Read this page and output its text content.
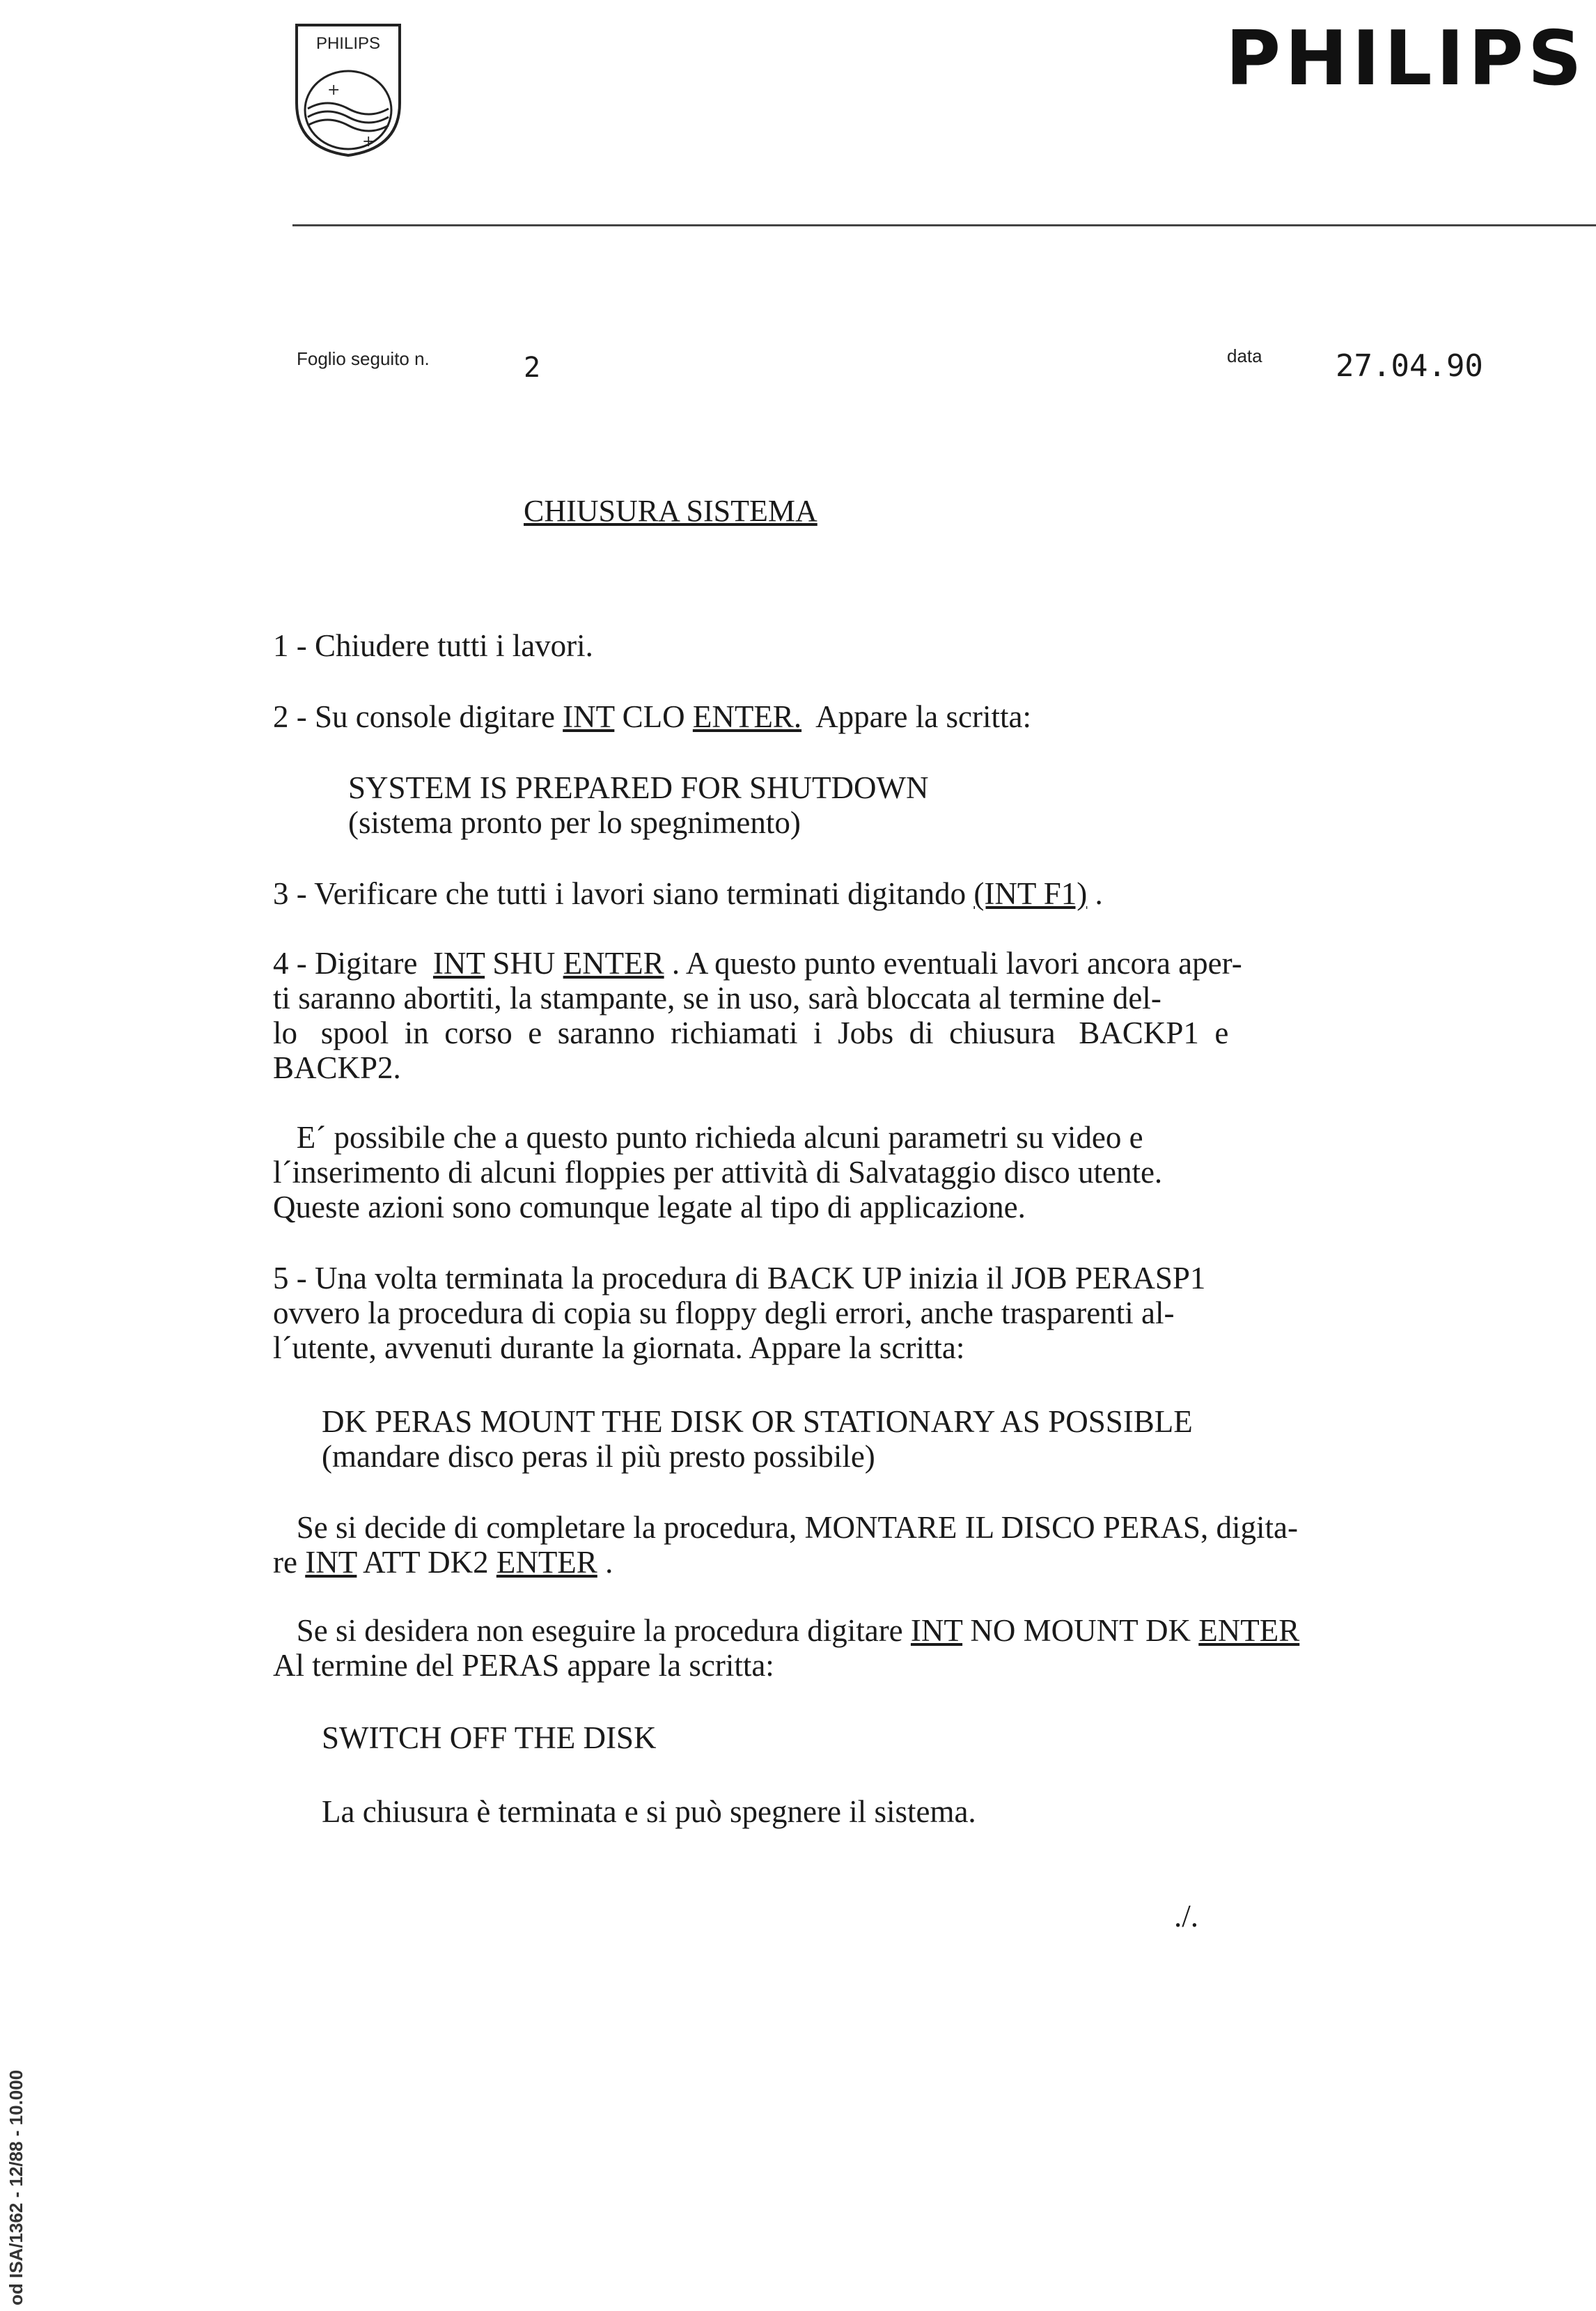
PHILIPS
+
+
PHILIPS
Foglio seguito n.	2	data 27.04.90
CHIUSURA SISTEMA
1 - Chiudere tutti i lavori.
2 - Su console digitare INT CLO ENTER.  Appare la scritta:
SYSTEM IS PREPARED FOR SHUTDOWN
(sistema pronto per lo spegnimento)
3 - Verificare che tutti i lavori siano terminati digitando (INT F1) .
4 - Digitare  INT SHU ENTER . A questo punto eventuali lavori ancora aper-
ti saranno abortiti, la stampante, se in uso, sarà bloccata al termine del-
lo   spool  in  corso  e  saranno  richiamati  i  Jobs  di  chiusura   BACKP1  e
BACKP2.
E´ possibile che a questo punto richieda alcuni parametri su video e
l´inserimento di alcuni floppies per attività di Salvataggio disco utente.
Queste azioni sono comunque legate al tipo di applicazione.
5 - Una volta terminata la procedura di BACK UP inizia il JOB PERASP1
ovvero la procedura di copia su floppy degli errori, anche trasparenti al-
l´utente, avvenuti durante la giornata. Appare la scritta:
DK PERAS MOUNT THE DISK OR STATIONARY AS POSSIBLE
(mandare disco peras il più presto possibile)
Se si decide di completare la procedura, MONTARE IL DISCO PERAS, digita-
re INT ATT DK2 ENTER .
Se si desidera non eseguire la procedura digitare INT NO MOUNT DK ENTER
Al termine del PERAS appare la scritta:
SWITCH OFF THE DISK
La chiusura è terminata e si può spegnere il sistema.
./.
od ISA/1362 - 12/88 - 10.000
